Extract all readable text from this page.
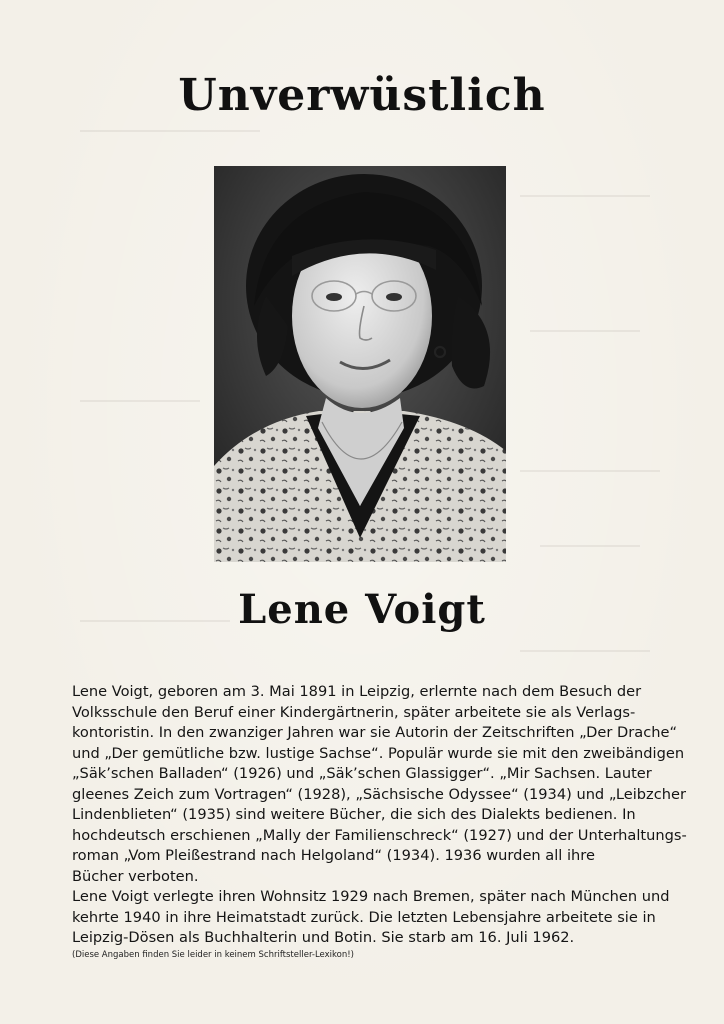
Unverwüstlich
Lene Voigt
Lene Voigt, geboren am 3. Mai 1891 in Leipzig, erlernte nach dem Besuch der
Volksschule den Beruf einer Kindergärtnerin, später arbeitete sie als Verlags-
kontoristin. In den zwanziger Jahren war sie Autorin der Zeitschriften „Der Drache“
und „Der gemütliche bzw. lustige Sachse“. Populär wurde sie mit den zweibändigen
„Säk’schen Balladen“ (1926) und „Säk’schen Glassigger“. „Mir Sachsen. Lauter
gleenes Zeich zum Vortragen“ (1928), „Sächsische Odyssee“ (1934) und „Leibzcher
Lindenblieten“ (1935) sind weitere Bücher, die sich des Dialekts bedienen. In
hochdeutsch erschienen „Mally der Familienschreck“ (1927) und der Unterhaltungs-
roman „Vom Pleißestrand nach Helgoland“ (1934). 1936 wurden all ihre
Bücher verboten.
Lene Voigt verlegte ihren Wohnsitz 1929 nach Bremen, später nach München und
kehrte 1940 in ihre Heimatstadt zurück. Die letzten Lebensjahre arbeitete sie in
Leipzig-Dösen als Buchhalterin und Botin. Sie starb am 16. Juli 1962.
(Diese Angaben finden Sie leider in keinem Schriftsteller-Lexikon!)
